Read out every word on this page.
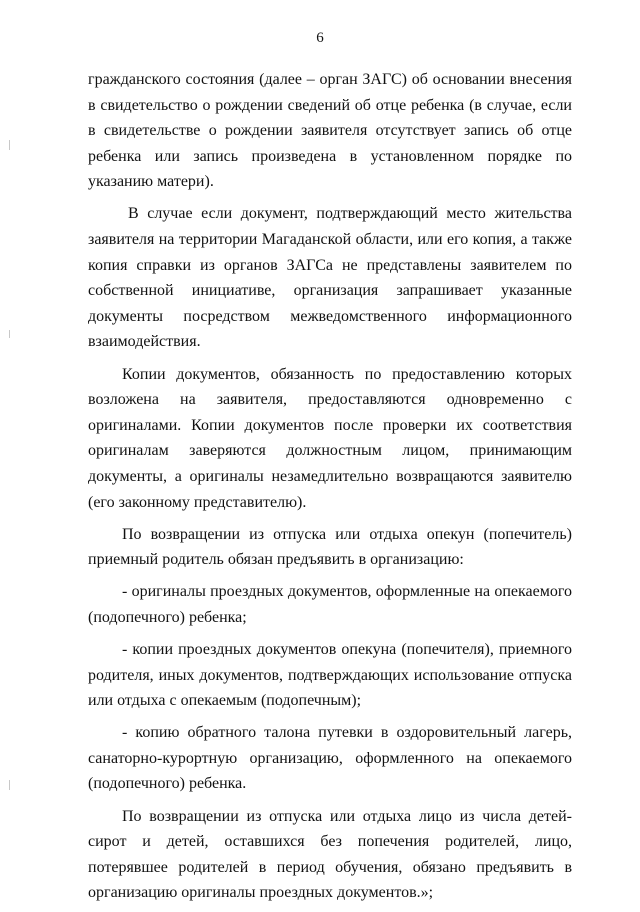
6

гражданского состояния (далее – орган ЗАГС) об основании внесения в свидетельство о рождении сведений об отце ребенка (в случае, если в свидетельстве о рождении заявителя отсутствует запись об отце ребенка или запись произведена в установленном порядке по указанию матери).

В случае если документ, подтверждающий место жительства заявителя на территории Магаданской области, или его копия, а также копия справки из органов ЗАГСа не представлены заявителем по собственной инициативе, организация запрашивает указанные документы посредством межведомственного информационного взаимодействия.

Копии документов, обязанность по предоставлению которых возложена на заявителя, предоставляются одновременно с оригиналами. Копии документов после проверки их соответствия оригиналам заверяются должностным лицом, принимающим документы, а оригиналы незамедлительно возвращаются заявителю (его законному представителю).

По возвращении из отпуска или отдыха опекун (попечитель) приемный родитель обязан предъявить в организацию:

- оригиналы проездных документов, оформленные на опекаемого (подопечного) ребенка;

- копии проездных документов опекуна (попечителя), приемного родителя, иных документов, подтверждающих использование отпуска или отдыха с опекаемым (подопечным);

- копию обратного талона путевки в оздоровительный лагерь, санаторно-курортную организацию, оформленного на опекаемого (подопечного) ребенка.

По возвращении из отпуска или отдыха лицо из числа детей-сирот и детей, оставшихся без попечения родителей, лицо, потерявшее родителей в период обучения, обязано предъявить в организацию оригиналы проездных документов.»;
